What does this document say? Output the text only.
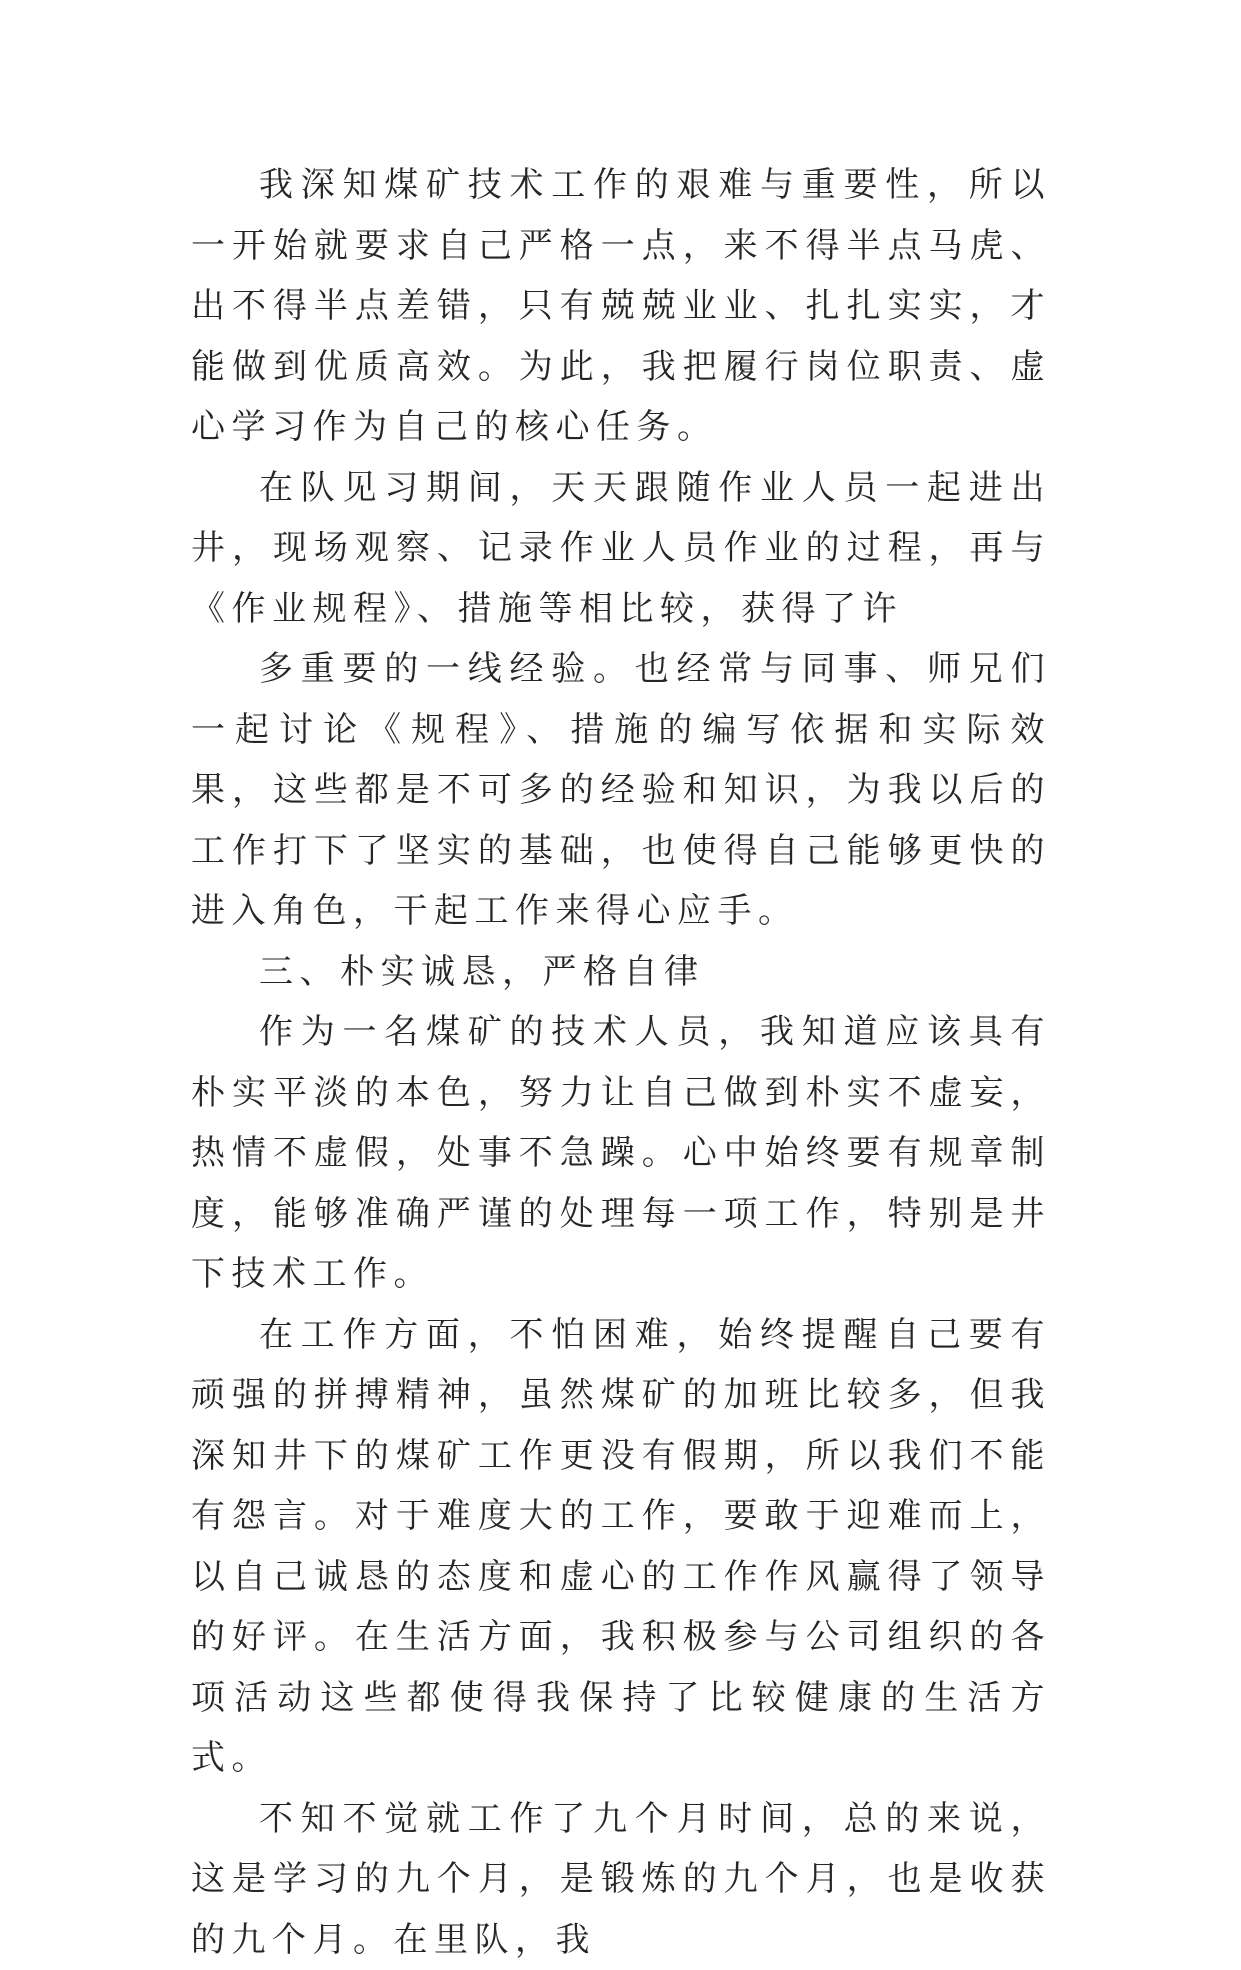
我深知煤矿技术工作的艰难与重要性，所以一开始就要求自己严格一点，来不得半点马虎、出不得半点差错，只有兢兢业业、扎扎实实，才能做到优质高效。为此，我把履行岗位职责、虚心学习作为自己的核心任务。

在队见习期间，天天跟随作业人员一起进出井，现场观察、记录作业人员作业的过程，再与《作业规程》、措施等相比较，获得了许

多重要的一线经验。也经常与同事、师兄们一起讨论《规程》、措施的编写依据和实际效果，这些都是不可多的经验和知识，为我以后的工作打下了坚实的基础，也使得自己能够更快的进入角色，干起工作来得心应手。

三、朴实诚恳，严格自律

作为一名煤矿的技术人员，我知道应该具有朴实平淡的本色，努力让自己做到朴实不虚妄，热情不虚假，处事不急躁。心中始终要有规章制度，能够准确严谨的处理每一项工作，特别是井下技术工作。

在工作方面，不怕困难，始终提醒自己要有顽强的拼搏精神，虽然煤矿的加班比较多，但我深知井下的煤矿工作更没有假期，所以我们不能有怨言。对于难度大的工作，要敢于迎难而上，以自己诚恳的态度和虚心的工作作风赢得了领导的好评。在生活方面，我积极参与公司组织的各项活动这些都使得我保持了比较健康的生活方式。

不知不觉就工作了九个月时间，总的来说，这是学习的九个月，是锻炼的九个月，也是收获的九个月。在里队，我
